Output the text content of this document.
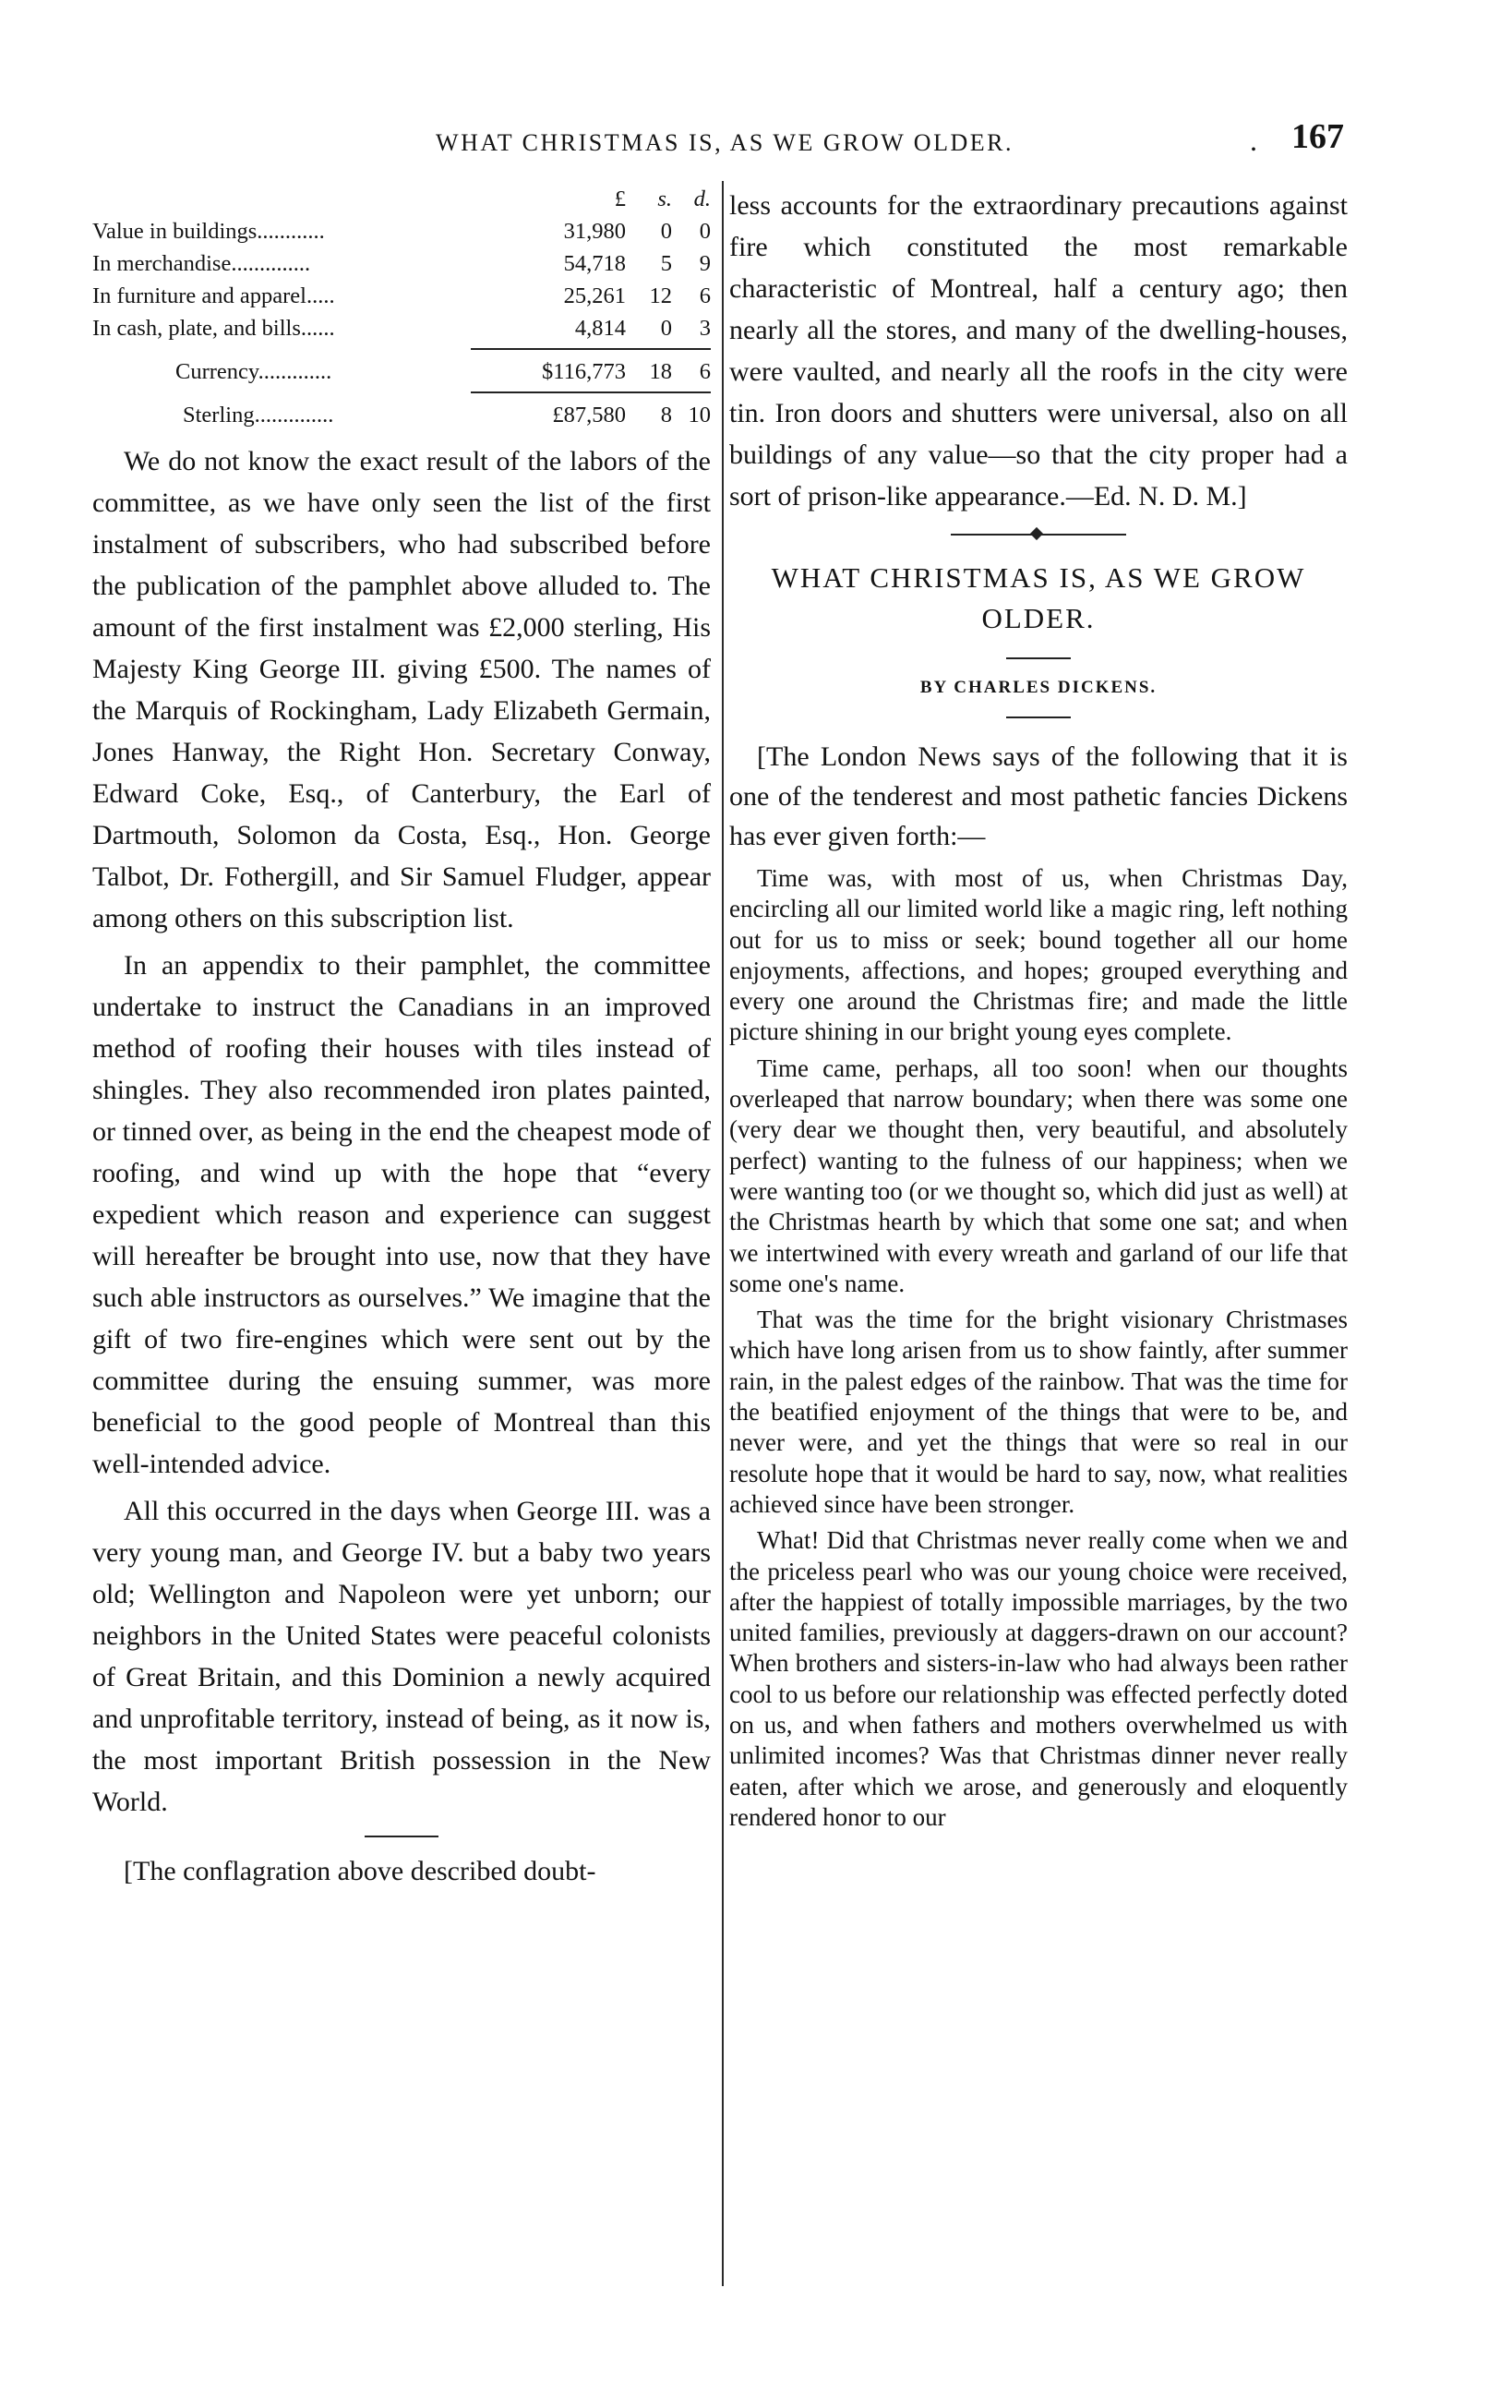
WHAT CHRISTMAS IS, AS WE GROW OLDER.	. 167
£	s. d.
Value in buildings............	31,980	0	0
In merchandise..............	54,718	5	9
In furniture and apparel.....	25,261	12	6
In cash, plate, and bills......	4,814	0	3
Currency.............	$116,773	18	6
Sterling..............	£87,580	8 10

We do not know the exact result of the labors of the committee, as we have only seen the list of the first instalment of subscribers, who had subscribed before the publication of the pamphlet above alluded to. The amount of the first instalment was £2,000 sterling, His Majesty King George III. giving £500. The names of the Marquis of Rockingham, Lady Elizabeth Germain, Jones Hanway, the Right Hon. Secretary Conway, Edward Coke, Esq., of Canterbury, the Earl of Dartmouth, Solomon da Costa, Esq., Hon. George Talbot, Dr. Fothergill, and Sir Samuel Fludger, appear among others on this subscription list.

In an appendix to their pamphlet, the committee undertake to instruct the Canadians in an improved method of roofing their houses with tiles instead of shingles. They also recommended iron plates painted, or tinned over, as being in the end the cheapest mode of roofing, and wind up with the hope that “every expedient which reason and experience can suggest will hereafter be brought into use, now that they have such able instructors as ourselves.” We imagine that the gift of two fire-engines which were sent out by the committee during the ensuing summer, was more beneficial to the good people of Montreal than this well-intended advice.

All this occurred in the days when George III. was a very young man, and George IV. but a baby two years old; Wellington and Napoleon were yet unborn; our neighbors in the United States were peaceful colonists of Great Britain, and this Dominion a newly acquired and unprofitable territory, instead of being, as it now is, the most important British possession in the New World.

[The conflagration above described doubt-

less accounts for the extraordinary precautions against fire which constituted the most remarkable characteristic of Montreal, half a century ago; then nearly all the stores, and many of the dwelling-houses, were vaulted, and nearly all the roofs in the city were tin. Iron doors and shutters were universal, also on all buildings of any value—so that the city proper had a sort of prison-like appearance.—Ed. N. D. M.]

WHAT CHRISTMAS IS, AS WE GROW OLDER.

BY CHARLES DICKENS.

[The London News says of the following that it is one of the tenderest and most pathetic fancies Dickens has ever given forth:—

Time was, with most of us, when Christmas Day, encircling all our limited world like a magic ring, left nothing out for us to miss or seek; bound together all our home enjoyments, affections, and hopes; grouped everything and every one around the Christmas fire; and made the little picture shining in our bright young eyes complete.

Time came, perhaps, all too soon! when our thoughts overleaped that narrow boundary; when there was some one (very dear we thought then, very beautiful, and absolutely perfect) wanting to the fulness of our happiness; when we were wanting too (or we thought so, which did just as well) at the Christmas hearth by which that some one sat; and when we intertwined with every wreath and garland of our life that some one's name.

That was the time for the bright visionary Christmases which have long arisen from us to show faintly, after summer rain, in the palest edges of the rainbow. That was the time for the beatified enjoyment of the things that were to be, and never were, and yet the things that were so real in our resolute hope that it would be hard to say, now, what realities achieved since have been stronger.

What! Did that Christmas never really come when we and the priceless pearl who was our young choice were received, after the happiest of totally impossible marriages, by the two united families, previously at daggers-drawn on our account? When brothers and sisters-in-law who had always been rather cool to us before our relationship was effected perfectly doted on us, and when fathers and mothers overwhelmed us with unlimited incomes? Was that Christmas dinner never really eaten, after which we arose, and generously and eloquently rendered honor to our
